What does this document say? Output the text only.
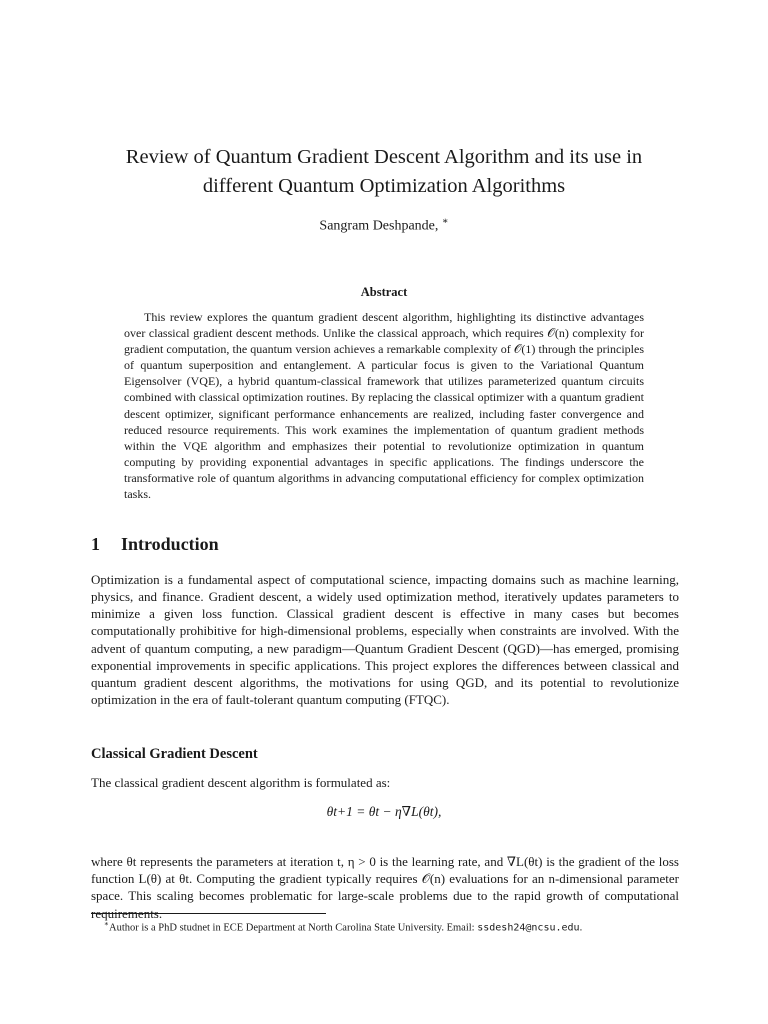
Review of Quantum Gradient Descent Algorithm and its use in
different Quantum Optimization Algorithms
Sangram Deshpande, ∗
Abstract

This review explores the quantum gradient descent algorithm, highlighting its distinctive advantages over classical gradient descent methods. Unlike the classical approach, which requires 𝒪(n) complexity for gradient computation, the quantum version achieves a remarkable complexity of 𝒪(1) through the principles of quantum superposition and entanglement. A particular focus is given to the Variational Quantum Eigensolver (VQE), a hybrid quantum-classical framework that utilizes parameterized quantum circuits combined with classical optimization routines. By replacing the classical optimizer with a quantum gradient descent optimizer, significant performance enhancements are realized, including faster convergence and reduced resource requirements. This work examines the implementation of quantum gradient methods within the VQE algorithm and emphasizes their potential to revolutionize optimization in quantum computing by providing exponential advantages in specific applications. The findings underscore the transformative role of quantum algorithms in advancing computational efficiency for complex optimization tasks.

1 Introduction

Optimization is a fundamental aspect of computational science, impacting domains such as machine learning, physics, and finance. Gradient descent, a widely used optimization method, iteratively updates parameters to minimize a given loss function. Classical gradient descent is effective in many cases but becomes computationally prohibitive for high-dimensional problems, especially when constraints are involved. With the advent of quantum computing, a new paradigm—Quantum Gradient Descent (QGD)—has emerged, promising exponential improvements in specific applications. This project explores the differences between classical and quantum gradient descent algorithms, the motivations for using QGD, and its potential to revolutionize optimization in the era of fault-tolerant quantum computing (FTQC).

Classical Gradient Descent

The classical gradient descent algorithm is formulated as:

θt+1 = θt − η∇L(θt),

where θt represents the parameters at iteration t, η > 0 is the learning rate, and ∇L(θt) is the gradient of the loss function L(θ) at θt. Computing the gradient typically requires 𝒪(n) evaluations for an n-dimensional parameter space. This scaling becomes problematic for large-scale problems due to the rapid growth of computational requirements.

∗Author is a PhD studnet in ECE Department at North Carolina State University. Email: ssdesh24@ncsu.edu.
